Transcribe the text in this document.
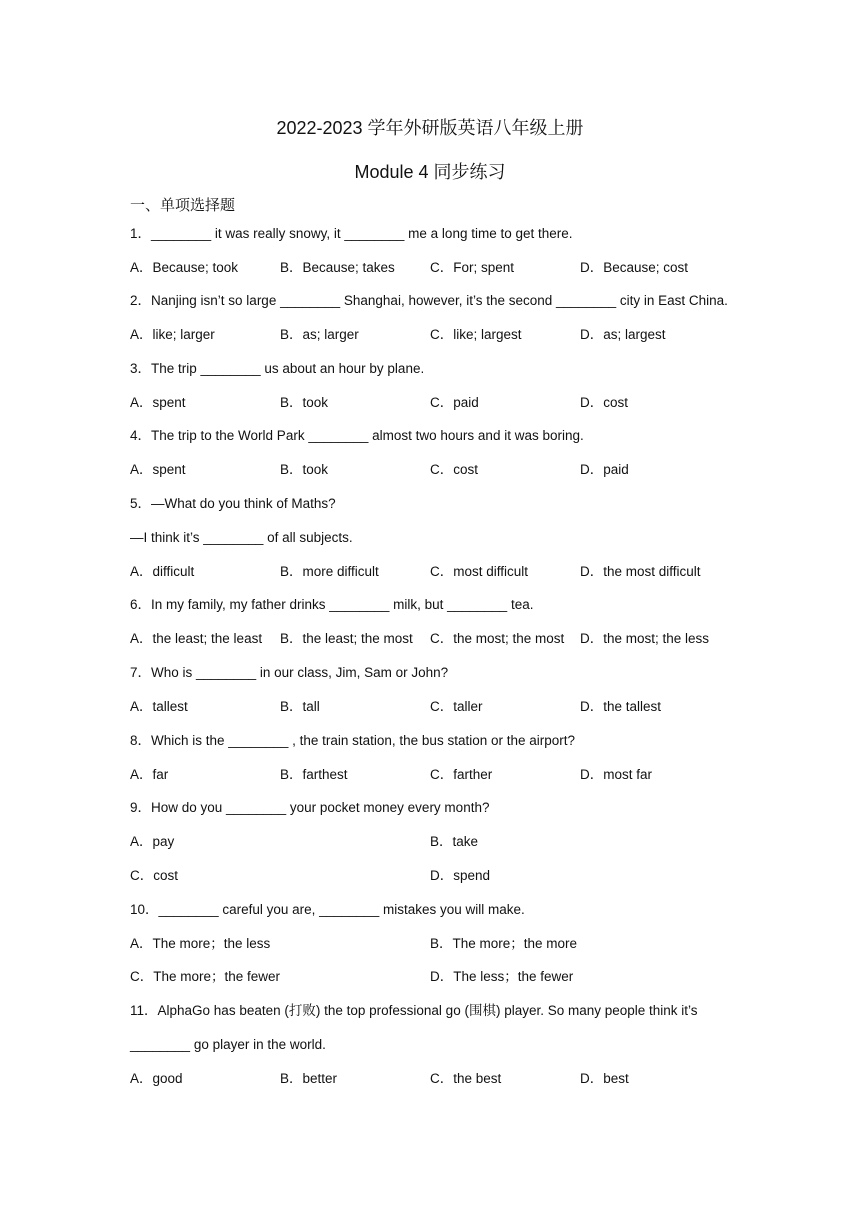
2022-2023 学年外研版英语八年级上册
Module 4 同步练习
一、单项选择题
1．________ it was really snowy, it ________ me a long time to get there.
A．Because; took	B．Because; takes	C．For; spent	D．Because; cost
2．Nanjing isn’t so large ________ Shanghai, however, it’s the second ________ city in East China.
A．like; larger	B．as; larger	C．like; largest	D．as; largest
3．The trip ________ us about an hour by plane.
A．spent	B．took	C．paid	D．cost
4．The trip to the World Park ________ almost two hours and it was boring.
A．spent	B．took	C．cost	D．paid
5．—What do you think of Maths?
—I think it’s ________ of all subjects.
A．difficult	B．more difficult	C．most difficult	D．the most difficult
6．In my family, my father drinks ________ milk, but ________ tea.
A．the least; the least B．the least; the most C．the most; the most D．the most; the less
7．Who is ________ in our class, Jim, Sam or John?
A．tallest	B．tall	C．taller	D．the tallest
8．Which is the ________ , the train station, the bus station or the airport?
A．far	B．farthest	C．farther	D．most far
9．How do you ________ your pocket money every month?
A．pay	B．take
C．cost	D．spend
10．________ careful you are, ________ mistakes you will make.
A．The more；the less	B．The more；the more
C．The more；the fewer	D．The less；the fewer
11．AlphaGo has beaten (打败) the top professional go (围棋) player. So many people think it’s
________ go player in the world.
A．good	B．better	C．the best	D．best
